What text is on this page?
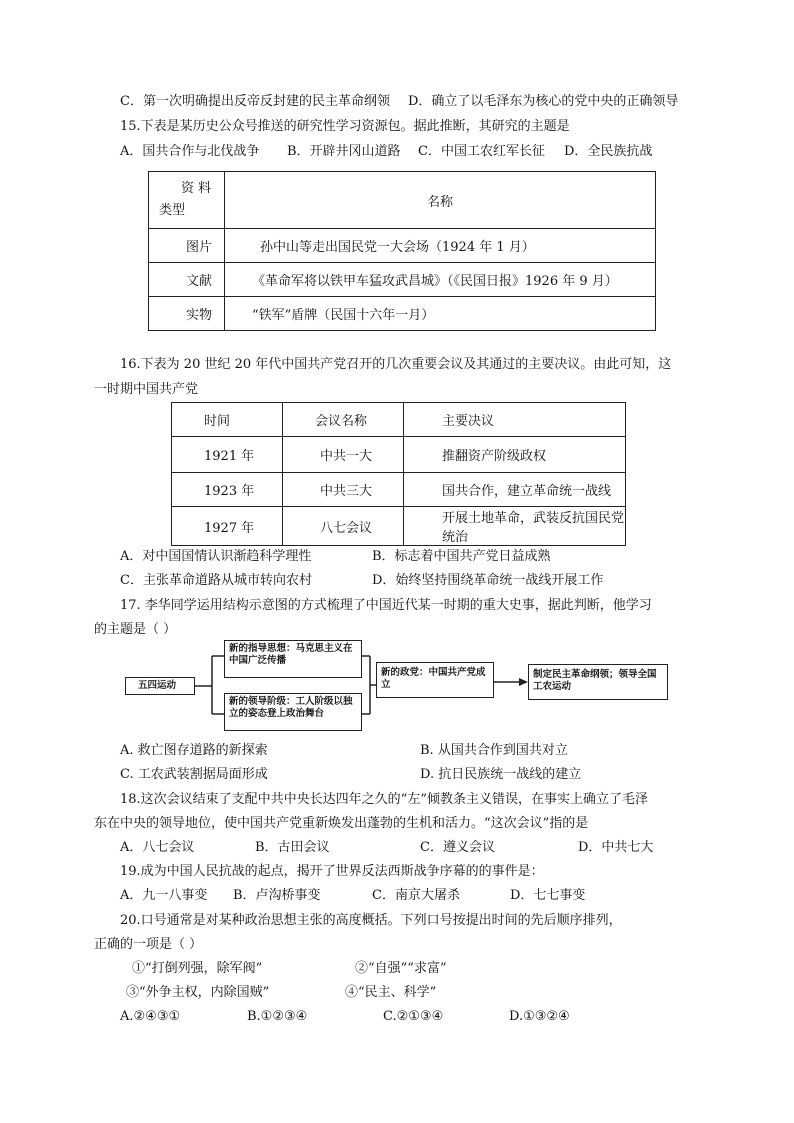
C．第一次明确提出反帝反封建的民主革命纲领 D．确立了以毛泽东为核心的党中央的正确领导
15.下表是某历史公众号推送的研究性学习资源包。据此推断，其研究的主题是
A．国共合作与北伐战争 B．开辟井冈山道路 C．中国工农红军长征 D．全民族抗战
资 料
类型	名称
图片	孙中山等走出国民党一大会场（1924 年 1 月）
文献	《革命军将以铁甲车猛攻武昌城》（《民国日报》1926 年 9 月）
实物	“铁军”盾牌（民国十六年一月）
16.下表为 20 世纪 20 年代中国共产党召开的几次重要会议及其通过的主要决议。由此可知，这
一时期中国共产党
时间	会议名称	主要决议
1921 年	中共一大	推翻资产阶级政权
1923 年	中共三大	国共合作，建立革命统一战线
1927 年	八七会议	开展土地革命，武装反抗国民党统治
A．对中国国情认识渐趋科学理性	B．标志着中国共产党日益成熟
C．主张革命道路从城市转向农村	D．始终坚持围绕革命统一战线开展工作
17. 李华同学运用结构示意图的方式梳理了中国近代某一时期的重大史事，据此判断，他学习
的主题是（ ）
五四运动
新的指导思想：马克思主义在中国广泛传播
新的领导阶级：工人阶级以独立的姿态登上政治舞台
新的政党：中国共产党成立
制定民主革命纲领；领导全国工农运动
A. 救亡图存道路的新探索	B. 从国共合作到国共对立
C. 工农武装割据局面形成	D. 抗日民族统一战线的建立
18.这次会议结束了支配中共中央长达四年之久的“左”倾教条主义错误，在事实上确立了毛泽
东在中央的领导地位，使中国共产党重新焕发出蓬勃的生机和活力。“这次会议”指的是
A．八七会议	B．古田会议	C．遵义会议	D．中共七大
19.成为中国人民抗战的起点，揭开了世界反法西斯战争序幕的的事件是：
A．九一八事变 B．卢沟桥事变	C．南京大屠杀	D．七七事变
20.口号通常是对某种政治思想主张的高度概括。下列口号按提出时间的先后顺序排列，
正确的一项是（ ）
①“打倒列强，除军阀”	②“自强”“求富”
③“外争主权，内除国贼”	④“民主、科学”
A.②④③①	B.①②③④	C.②①③④	D.①③②④
